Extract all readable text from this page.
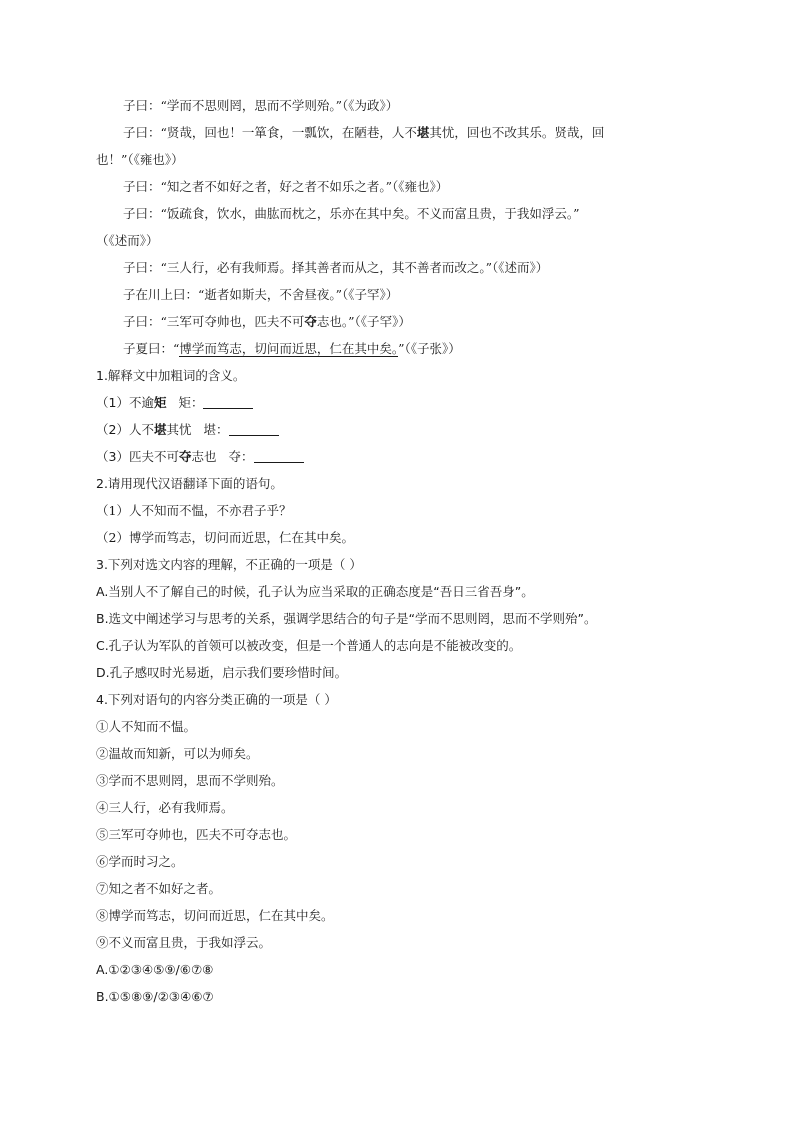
子曰：“学而不思则罔，思而不学则殆。”（《为政》）
子曰：“贤哉，回也！一箪食，一瓢饮，在陋巷，人不堪其忧，回也不改其乐。贤哉，回
也！”（《雍也》）
子曰：“知之者不如好之者，好之者不如乐之者。”（《雍也》）
子曰：“饭疏食，饮水，曲肱而枕之，乐亦在其中矣。不义而富且贵，于我如浮云。”
（《述而》）
子曰：“三人行，必有我师焉。择其善者而从之，其不善者而改之。”（《述而》）
子在川上曰：“逝者如斯夫，不舍昼夜。”（《子罕》）
子曰：“三军可夺帅也，匹夫不可夺志也。”（《子罕》）
子夏曰：“博学而笃志，切问而近思，仁在其中矣。”（《子张》）
1.解释文中加粗词的含义。
（1）不逾矩 矩：
（2）人不堪其忧 堪：
（3）匹夫不可夺志也 夺：
2.请用现代汉语翻译下面的语句。
（1）人不知而不愠，不亦君子乎？
（2）博学而笃志，切问而近思，仁在其中矣。
3.下列对选文内容的理解，不正确的一项是（ ）
A.当别人不了解自己的时候，孔子认为应当采取的正确态度是“吾日三省吾身”。
B.选文中阐述学习与思考的关系，强调学思结合的句子是“学而不思则罔，思而不学则殆”。
C.孔子认为军队的首领可以被改变，但是一个普通人的志向是不能被改变的。
D.孔子感叹时光易逝，启示我们要珍惜时间。
4.下列对语句的内容分类正确的一项是（ ）
①人不知而不愠。
②温故而知新，可以为师矣。
③学而不思则罔，思而不学则殆。
④三人行，必有我师焉。
⑤三军可夺帅也，匹夫不可夺志也。
⑥学而时习之。
⑦知之者不如好之者。
⑧博学而笃志，切问而近思，仁在其中矣。
⑨不义而富且贵，于我如浮云。
A.①②③④⑤⑨/⑥⑦⑧
B.①⑤⑧⑨/②③④⑥⑦
